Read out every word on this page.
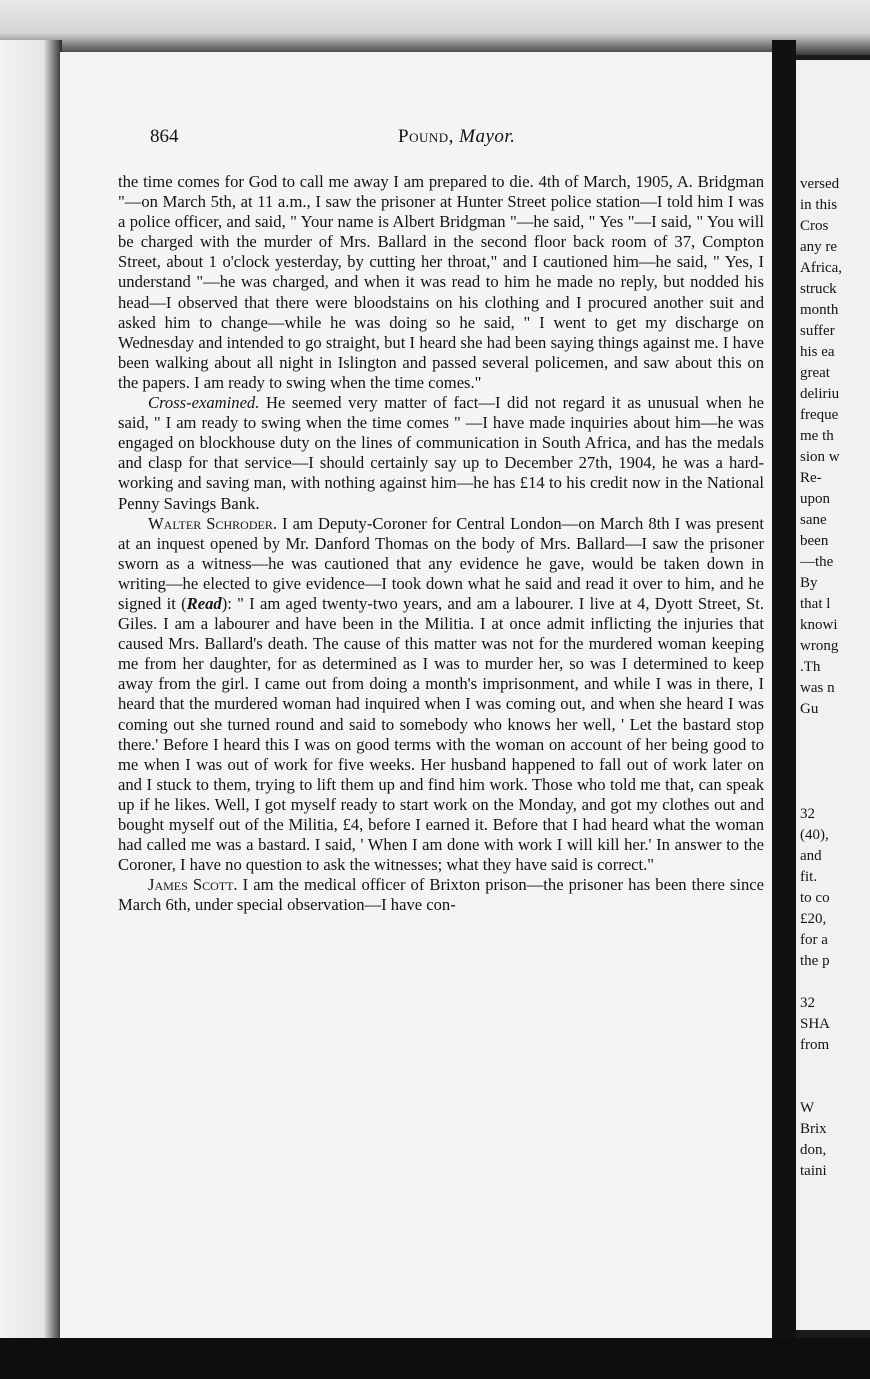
864	Pound, Mayor.

the time comes for God to call me away I am prepared to die. 4th of March, 1905, A. Bridgman "—on March 5th, at 11 a.m., I saw the prisoner at Hunter Street police station—I told him I was a police officer, and said, " Your name is Albert Bridgman "—he said, " Yes "—I said, " You will be charged with the murder of Mrs. Ballard in the second floor back room of 37, Compton Street, about 1 o'clock yesterday, by cutting her throat," and I cautioned him—he said, " Yes, I understand "—he was charged, and when it was read to him he made no reply, but nodded his head—I observed that there were bloodstains on his clothing and I procured another suit and asked him to change—while he was doing so he said, " I went to get my discharge on Wednesday and intended to go straight, but I heard she had been saying things against me. I have been walking about all night in Islington and passed several policemen, and saw about this on the papers. I am ready to swing when the time comes."

Cross-examined. He seemed very matter of fact—I did not regard it as unusual when he said, " I am ready to swing when the time comes " —I have made inquiries about him—he was engaged on blockhouse duty on the lines of communication in South Africa, and has the medals and clasp for that service—I should certainly say up to December 27th, 1904, he was a hard-working and saving man, with nothing against him—he has £14 to his credit now in the National Penny Savings Bank.

Walter Schroder. I am Deputy-Coroner for Central London—on March 8th I was present at an inquest opened by Mr. Danford Thomas on the body of Mrs. Ballard—I saw the prisoner sworn as a witness—he was cautioned that any evidence he gave, would be taken down in writing—he elected to give evidence—I took down what he said and read it over to him, and he signed it (Read): " I am aged twenty-two years, and am a labourer. I live at 4, Dyott Street, St. Giles. I am a labourer and have been in the Militia. I at once admit inflicting the injuries that caused Mrs. Ballard's death. The cause of this matter was not for the murdered woman keeping me from her daughter, for as determined as I was to murder her, so was I determined to keep away from the girl. I came out from doing a month's imprisonment, and while I was in there, I heard that the murdered woman had inquired when I was coming out, and when she heard I was coming out she turned round and said to somebody who knows her well, ' Let the bastard stop there.' Before I heard this I was on good terms with the woman on account of her being good to me when I was out of work for five weeks. Her husband happened to fall out of work later on and I stuck to them, trying to lift them up and find him work. Those who told me that, can speak up if he likes. Well, I got myself ready to start work on the Monday, and got my clothes out and bought myself out of the Militia, £4, before I earned it. Before that I had heard what the woman had called me was a bastard. I said, ' When I am done with work I will kill her.' In answer to the Coroner, I have no question to ask the witnesses; what they have said is correct."

James Scott. I am the medical officer of Brixton prison—the prisoner has been there since March 6th, under special observation—I have con-

versed
in this
Cros
any re
Africa,
struck
month
suffer
his ea
great
deliriu
freque
me th
sion w
Re-
upon
sane
been
—the
By
that l
knowi
wrong
.Th
was n
Gu
32
(40),
and
fit.
to co
£20,
for a
the p
32
SHA
from
W
Brix
don,
taini
